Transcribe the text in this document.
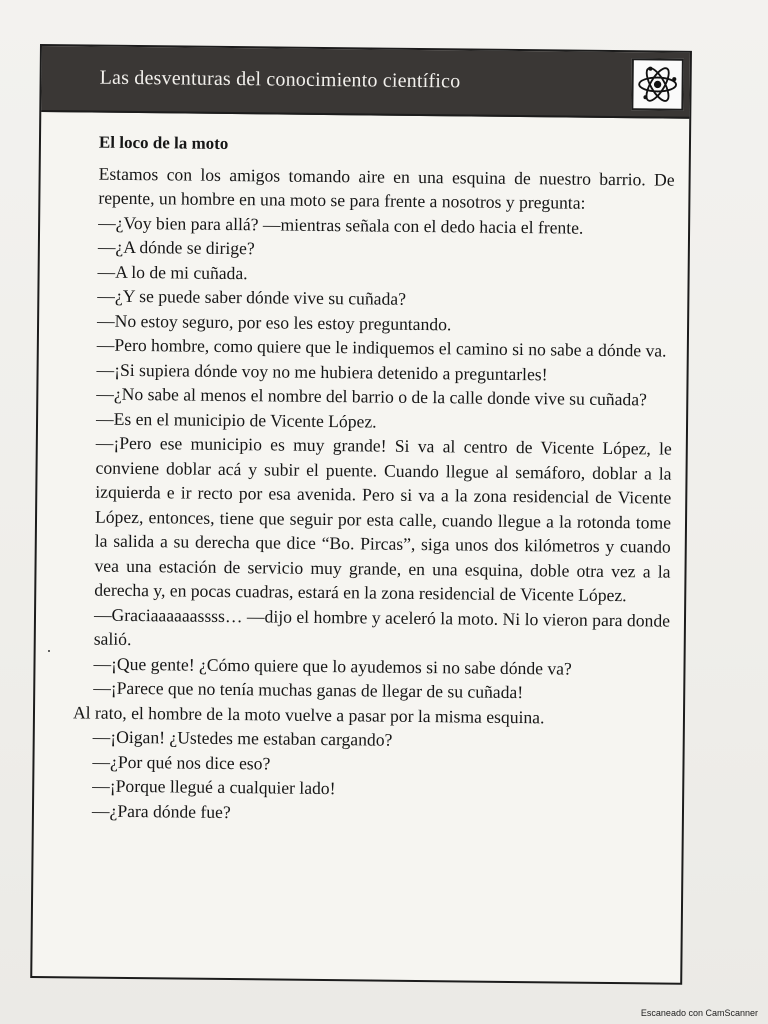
Las desventuras del conocimiento científico
El loco de la moto

Estamos con los amigos tomando aire en una esquina de nuestro barrio. De repente, un hombre en una moto se para frente a nosotros y pregunta:

—¿Voy bien para allá? —mientras señala con el dedo hacia el frente.

—¿A dónde se dirige?

—A lo de mi cuñada.

—¿Y se puede saber dónde vive su cuñada?

—No estoy seguro, por eso les estoy preguntando.

—Pero hombre, como quiere que le indiquemos el camino si no sabe a dónde va.

—¡Si supiera dónde voy no me hubiera detenido a preguntarles!

—¿No sabe al menos el nombre del barrio o de la calle donde vive su cuñada?

—Es en el municipio de Vicente López.

—¡Pero ese municipio es muy grande! Si va al centro de Vicente López, le conviene doblar acá y subir el puente. Cuando llegue al semáforo, doblar a la izquierda e ir recto por esa avenida. Pero si va a la zona residencial de Vicente López, entonces, tiene que seguir por esta calle, cuando llegue a la rotonda tome la salida a su derecha que dice “Bo. Pircas”, siga unos dos kilómetros y cuando vea una estación de servicio muy grande, en una esquina, doble otra vez a la derecha y, en pocas cuadras, estará en la zona residencial de Vicente López.

—Graciaaaaaassss… —dijo el hombre y aceleró la moto. Ni lo vieron para donde salió.

—¡Que gente! ¿Cómo quiere que lo ayudemos si no sabe dónde va?

—¡Parece que no tenía muchas ganas de llegar de su cuñada!

Al rato, el hombre de la moto vuelve a pasar por la misma esquina.

—¡Oigan! ¿Ustedes me estaban cargando?

—¿Por qué nos dice eso?

—¡Porque llegué a cualquier lado!

—¿Para dónde fue?

Escaneado con CamScanner
